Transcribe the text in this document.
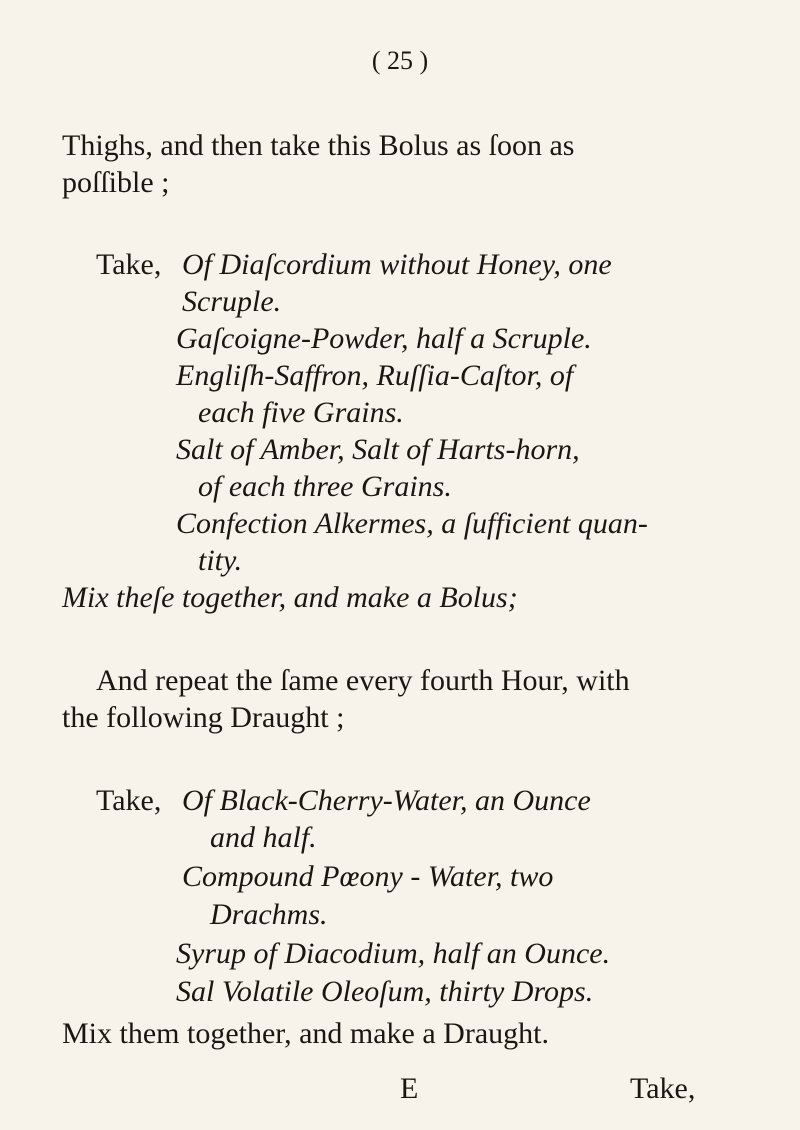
( 25 )
Thighs, and then take this Bolus as ſoon as
poſſible ;
Take, Of Diaſcordium without Honey, one
Scruple.
Gaſcoigne-Powder, half a Scruple.
Engliſh-Saffron, Ruſſia-Caſtor, of
each five Grains.
Salt of Amber, Salt of Harts-horn,
of each three Grains.
Confection Alkermes, a ſufficient quan-
tity.
Mix theſe together, and make a Bolus;
And repeat the ſame every fourth Hour, with
the following Draught ;
Take, Of Black-Cherry-Water, an Ounce
and half.
Compound Pœony - Water, two
Drachms.
Syrup of Diacodium, half an Ounce.
Sal Volatile Oleoſum, thirty Drops.
Mix them together, and make a Draught.
E	Take,
